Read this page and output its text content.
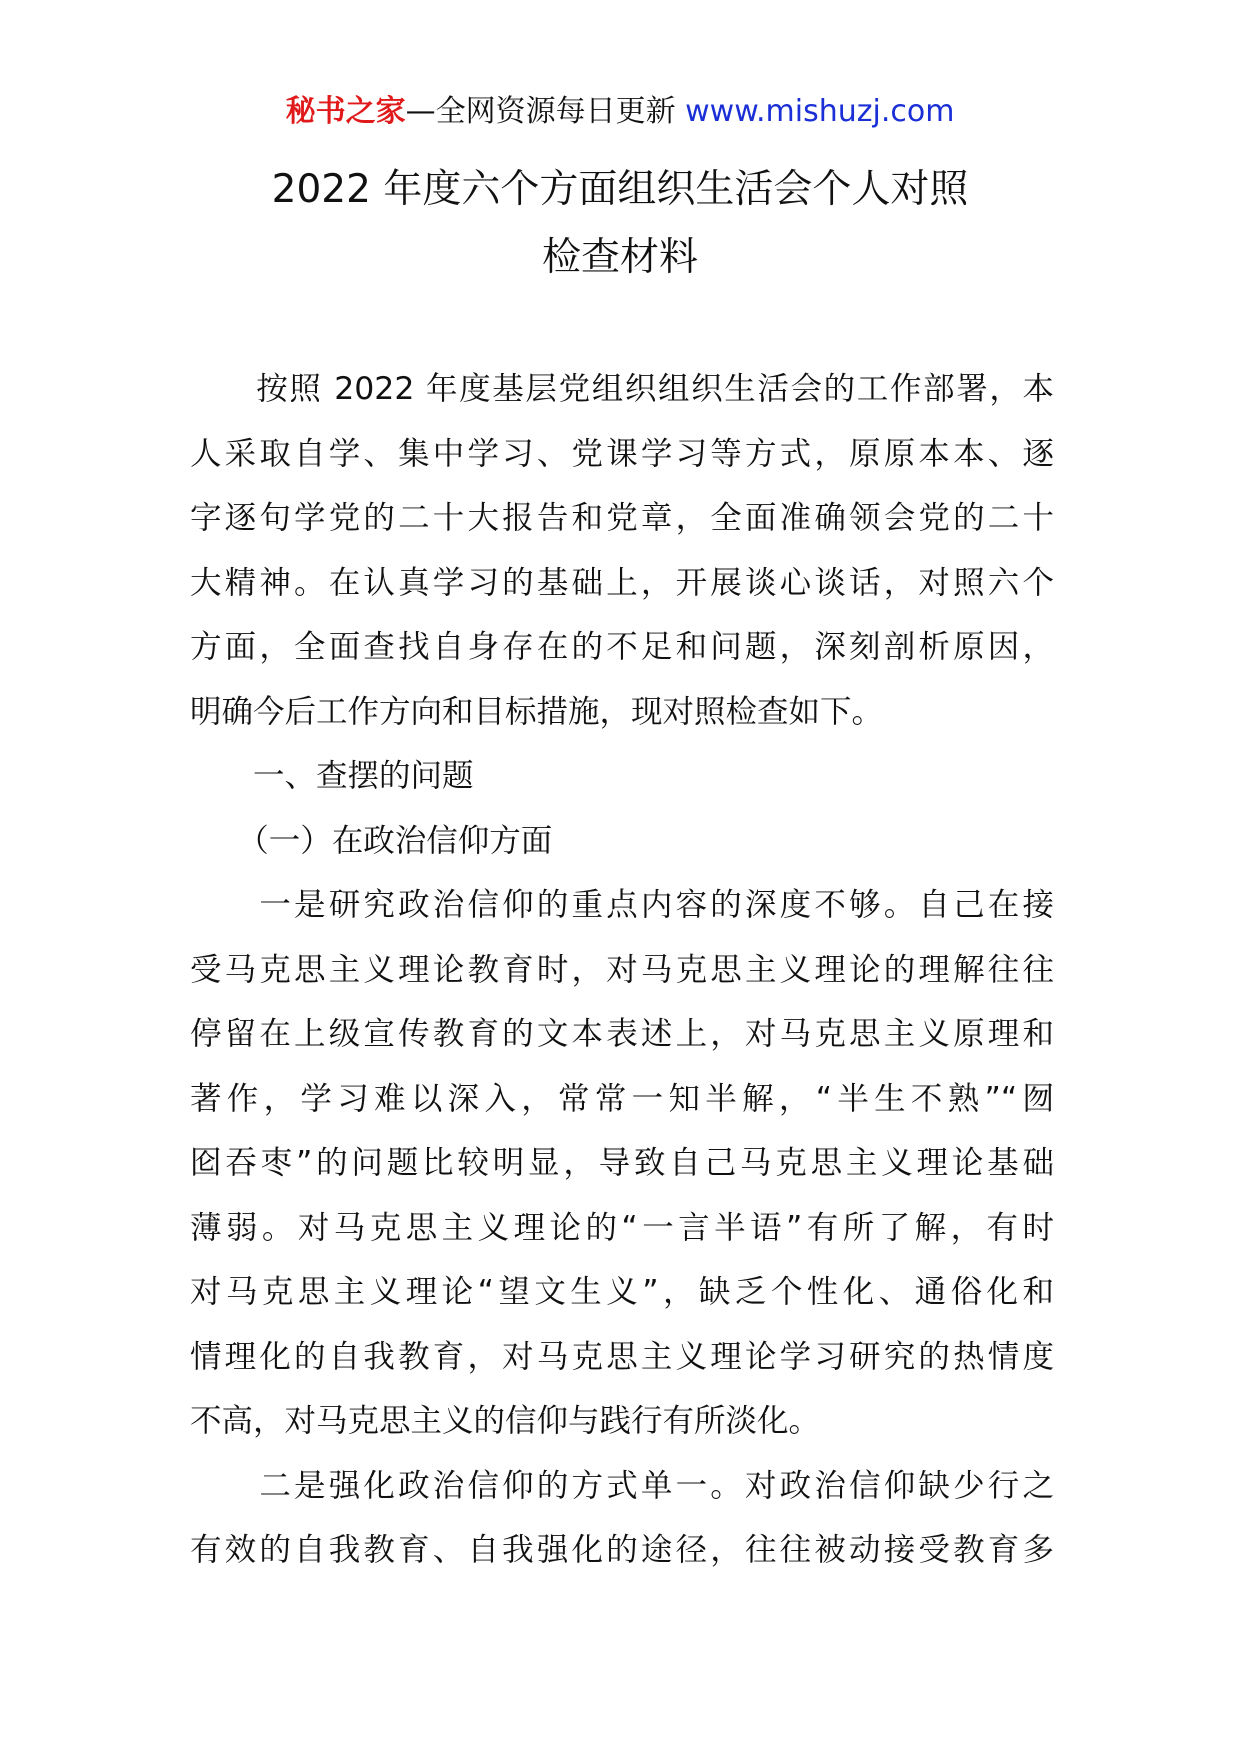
秘书之家—全网资源每日更新 www.mishuzj.com
2022 年度六个方面组织生活会个人对照
检查材料
　　按照 2022 年度基层党组织组织生活会的工作部署，本
人采取自学、集中学习、党课学习等方式，原原本本、逐
字逐句学党的二十大报告和党章，全面准确领会党的二十
大精神。在认真学习的基础上，开展谈心谈话，对照六个
方面，全面查找自身存在的不足和问题，深刻剖析原因，
明确今后工作方向和目标措施，现对照检查如下。
　　一、查摆的问题
　　（一）在政治信仰方面
　　一是研究政治信仰的重点内容的深度不够。自己在接
受马克思主义理论教育时，对马克思主义理论的理解往往
停留在上级宣传教育的文本表述上，对马克思主义原理和
著作，学习难以深入，常常一知半解，“半生不熟”“囫
囵吞枣”的问题比较明显，导致自己马克思主义理论基础
薄弱。对马克思主义理论的“一言半语”有所了解，有时
对马克思主义理论“望文生义”，缺乏个性化、通俗化和
情理化的自我教育，对马克思主义理论学习研究的热情度
不高，对马克思主义的信仰与践行有所淡化。
　　二是强化政治信仰的方式单一。对政治信仰缺少行之
有效的自我教育、自我强化的途径，往往被动接受教育多
